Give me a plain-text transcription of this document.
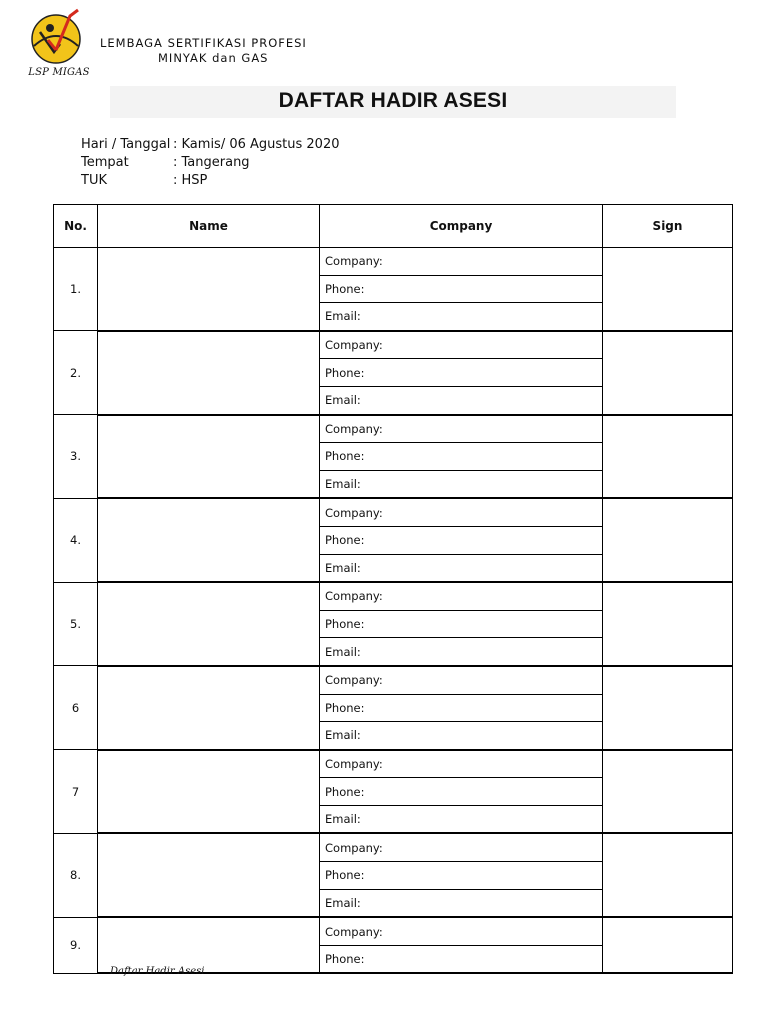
LSP MIGAS
LEMBAGA SERTIFIKASI PROFESI
MINYAK dan GAS
DAFTAR HADIR ASESI
Hari / Tanggal : Kamis/ 06 Agustus 2020
Tempat	: Tangerang
TUK	: HSP
No.	Name	Company	Sign
1.		Company:	
		Phone:	
		Email:	
2.		Company:	
		Phone:	
		Email:	
3.		Company:	
		Phone:	
		Email:	
4.		Company:	
		Phone:	
		Email:	
5.		Company:	
		Phone:	
		Email:	
6		Company:	
		Phone:	
		Email:	
7		Company:	
		Phone:	
		Email:	
8.		Company:	
		Phone:	
		Email:	
9.		Company:	
		Phone:	
Daftar Hadir Asesi
